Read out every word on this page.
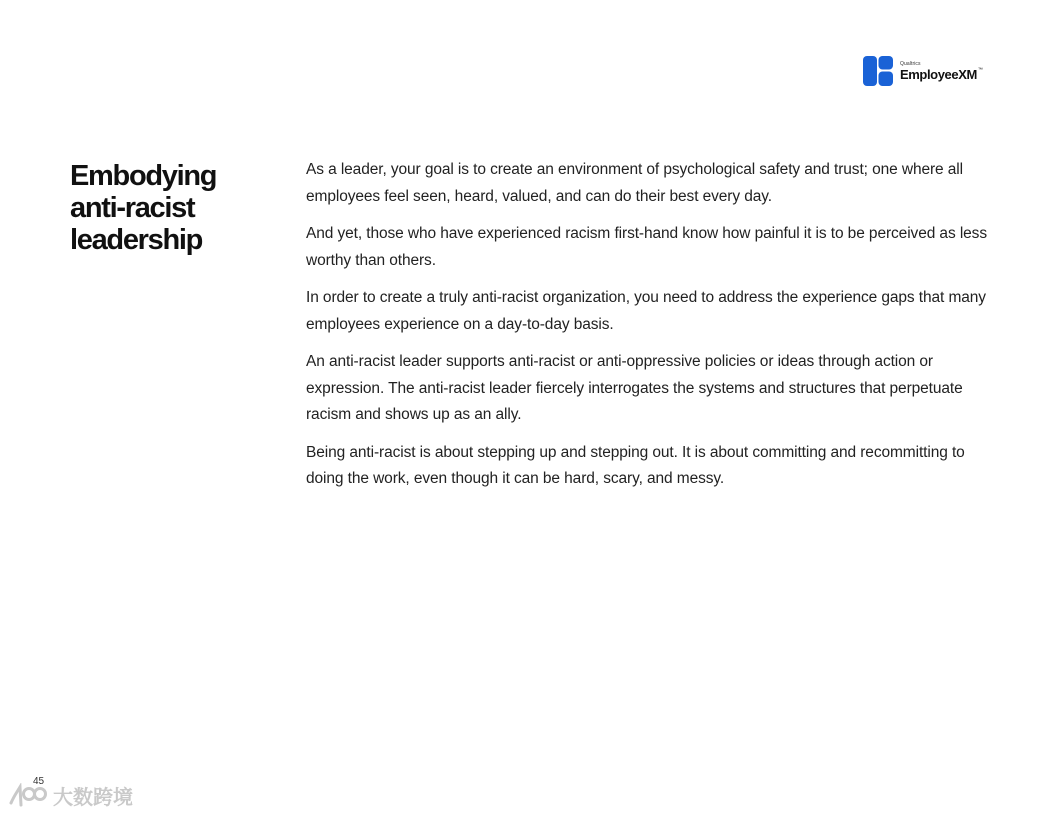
Qualtrics
EmployeeXM™
Embodying
anti-racist
leadership

As a leader, your goal is to create an environment of psychological safety and trust; one where all employees feel seen, heard, valued, and can do their best every day.

And yet, those who have experienced racism first-hand know how painful it is to be perceived as less worthy than others.

In order to create a truly anti-racist organization, you need to address the experience gaps that many employees experience on a day-to-day basis.

An anti-racist leader supports anti-racist or anti-oppressive policies or ideas through action or expression. The anti-racist leader fiercely interrogates the systems and structures that perpetuate racism and shows up as an ally.

Being anti-racist is about stepping up and stepping out. It is about committing and recommitting to doing the work, even though it can be hard, scary, and messy.

45
大数跨境
